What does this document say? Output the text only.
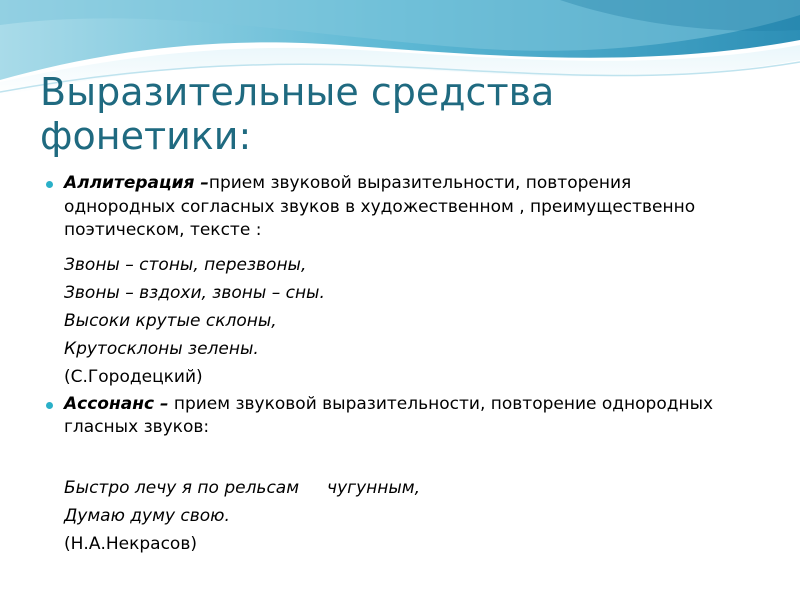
Выразительные средства
фонетики:
Аллитерация –прием звуковой выразительности, повторения однородных согласных звуков в художественном , преимущественно поэтическом, тексте :
Звоны – стоны, перезвоны,
Звоны – вздохи, звоны – сны.
Высоки крутые склоны,
Крутосклоны зелены.
(С.Городецкий)
Ассонанс – прием звуковой выразительности, повторение однородных гласных звуков:
Быстро лечу я по рельсам чугунным,
Думаю думу свою.
(Н.А.Некрасов)
